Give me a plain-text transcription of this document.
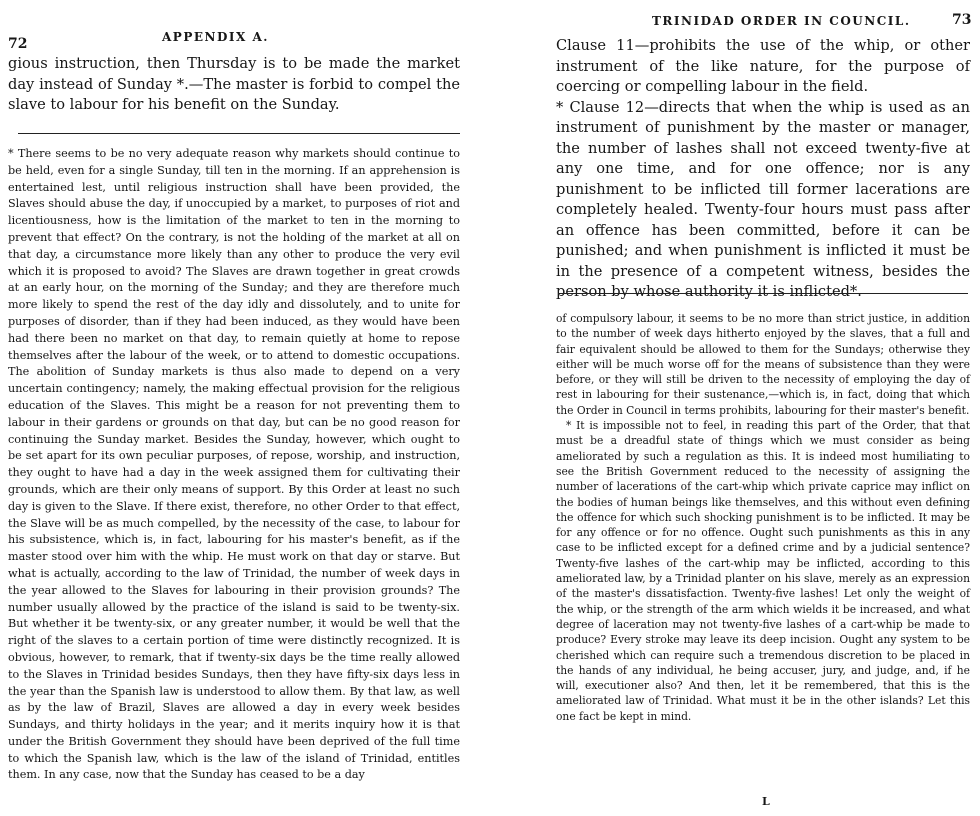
72	APPENDIX A.

gious instruction, then Thursday is to be made the market day instead of Sunday *.—The master is forbid to compel the slave to labour for his benefit on the Sunday.

* There seems to be no very adequate reason why markets should continue to be held, even for a single Sunday, till ten in the morning. If an apprehension is entertained lest, until religious instruction shall have been provided, the Slaves should abuse the day, if unoccupied by a market, to purposes of riot and licentiousness, how is the limitation of the market to ten in the morning to prevent that effect? On the contrary, is not the holding of the market at all on that day, a circumstance more likely than any other to produce the very evil which it is proposed to avoid? The Slaves are drawn together in great crowds at an early hour, on the morning of the Sunday; and they are therefore much more likely to spend the rest of the day idly and dissolutely, and to unite for purposes of disorder, than if they had been induced, as they would have been had there been no market on that day, to remain quietly at home to repose themselves after the labour of the week, or to attend to domestic occupations. The abolition of Sunday markets is thus also made to depend on a very uncertain contingency; namely, the making effectual provision for the religious education of the Slaves. This might be a reason for not preventing them to labour in their gardens or grounds on that day, but can be no good reason for continuing the Sunday market. Besides the Sunday, however, which ought to be set apart for its own peculiar purposes, of repose, worship, and instruction, they ought to have had a day in the week assigned them for cultivating their grounds, which are their only means of support. By this Order at least no such day is given to the Slave. If there exist, therefore, no other Order to that effect, the Slave will be as much compelled, by the necessity of the case, to labour for his subsistence, which is, in fact, labouring for his master's benefit, as if the master stood over him with the whip. He must work on that day or starve. But what is actually, according to the law of Trinidad, the number of week days in the year allowed to the Slaves for labouring in their provision grounds? The number usually allowed by the practice of the island is said to be twenty-six. But whether it be twenty-six, or any greater number, it would be well that the right of the slaves to a certain portion of time were distinctly recognized. It is obvious, however, to remark, that if twenty-six days be the time really allowed to the Slaves in Trinidad besides Sundays, then they have fifty-six days less in the year than the Spanish law is understood to allow them. By that law, as well as by the law of Brazil, Slaves are allowed a day in every week besides Sundays, and thirty holidays in the year; and it merits inquiry how it is that under the British Government they should have been deprived of the full time to which the Spanish law, which is the law of the island of Trinidad, entitles them. In any case, now that the Sunday has ceased to be a day

TRINIDAD ORDER IN COUNCIL.	73

Clause 11—prohibits the use of the whip, or other instrument of the like nature, for the purpose of coercing or compelling labour in the field.

* Clause 12—directs that when the whip is used as an instrument of punishment by the master or manager, the number of lashes shall not exceed twenty-five at any one time, and for one offence; nor is any punishment to be inflicted till former lacerations are completely healed. Twenty-four hours must pass after an offence has been committed, before it can be punished; and when punishment is inflicted it must be in the presence of a competent witness, besides the person by whose authority it is inflicted*.

of compulsory labour, it seems to be no more than strict justice, in addition to the number of week days hitherto enjoyed by the slaves, that a full and fair equivalent should be allowed to them for the Sundays; otherwise they either will be much worse off for the means of subsistence than they were before, or they will still be driven to the necessity of employing the day of rest in labouring for their sustenance,—which is, in fact, doing that which the Order in Council in terms prohibits, labouring for their master's benefit.

* It is impossible not to feel, in reading this part of the Order, that that must be a dreadful state of things which we must consider as being ameliorated by such a regulation as this. It is indeed most humiliating to see the British Government reduced to the necessity of assigning the number of lacerations of the cart-whip which private caprice may inflict on the bodies of human beings like themselves, and this without even defining the offence for which such shocking punishment is to be inflicted. It may be for any offence or for no offence. Ought such punishments as this in any case to be inflicted except for a defined crime and by a judicial sentence? Twenty-five lashes of the cart-whip may be inflicted, according to this ameliorated law, by a Trinidad planter on his slave, merely as an expression of the master's dissatisfaction. Twenty-five lashes! Let only the weight of the whip, or the strength of the arm which wields it be increased, and what degree of laceration may not twenty-five lashes of a cart-whip be made to produce? Every stroke may leave its deep incision. Ought any system to be cherished which can require such a tremendous discretion to be placed in the hands of any individual, he being accuser, jury, and judge, and, if he will, executioner also? And then, let it be remembered, that this is the ameliorated law of Trinidad. What must it be in the other islands? Let this one fact be kept in mind.

L
